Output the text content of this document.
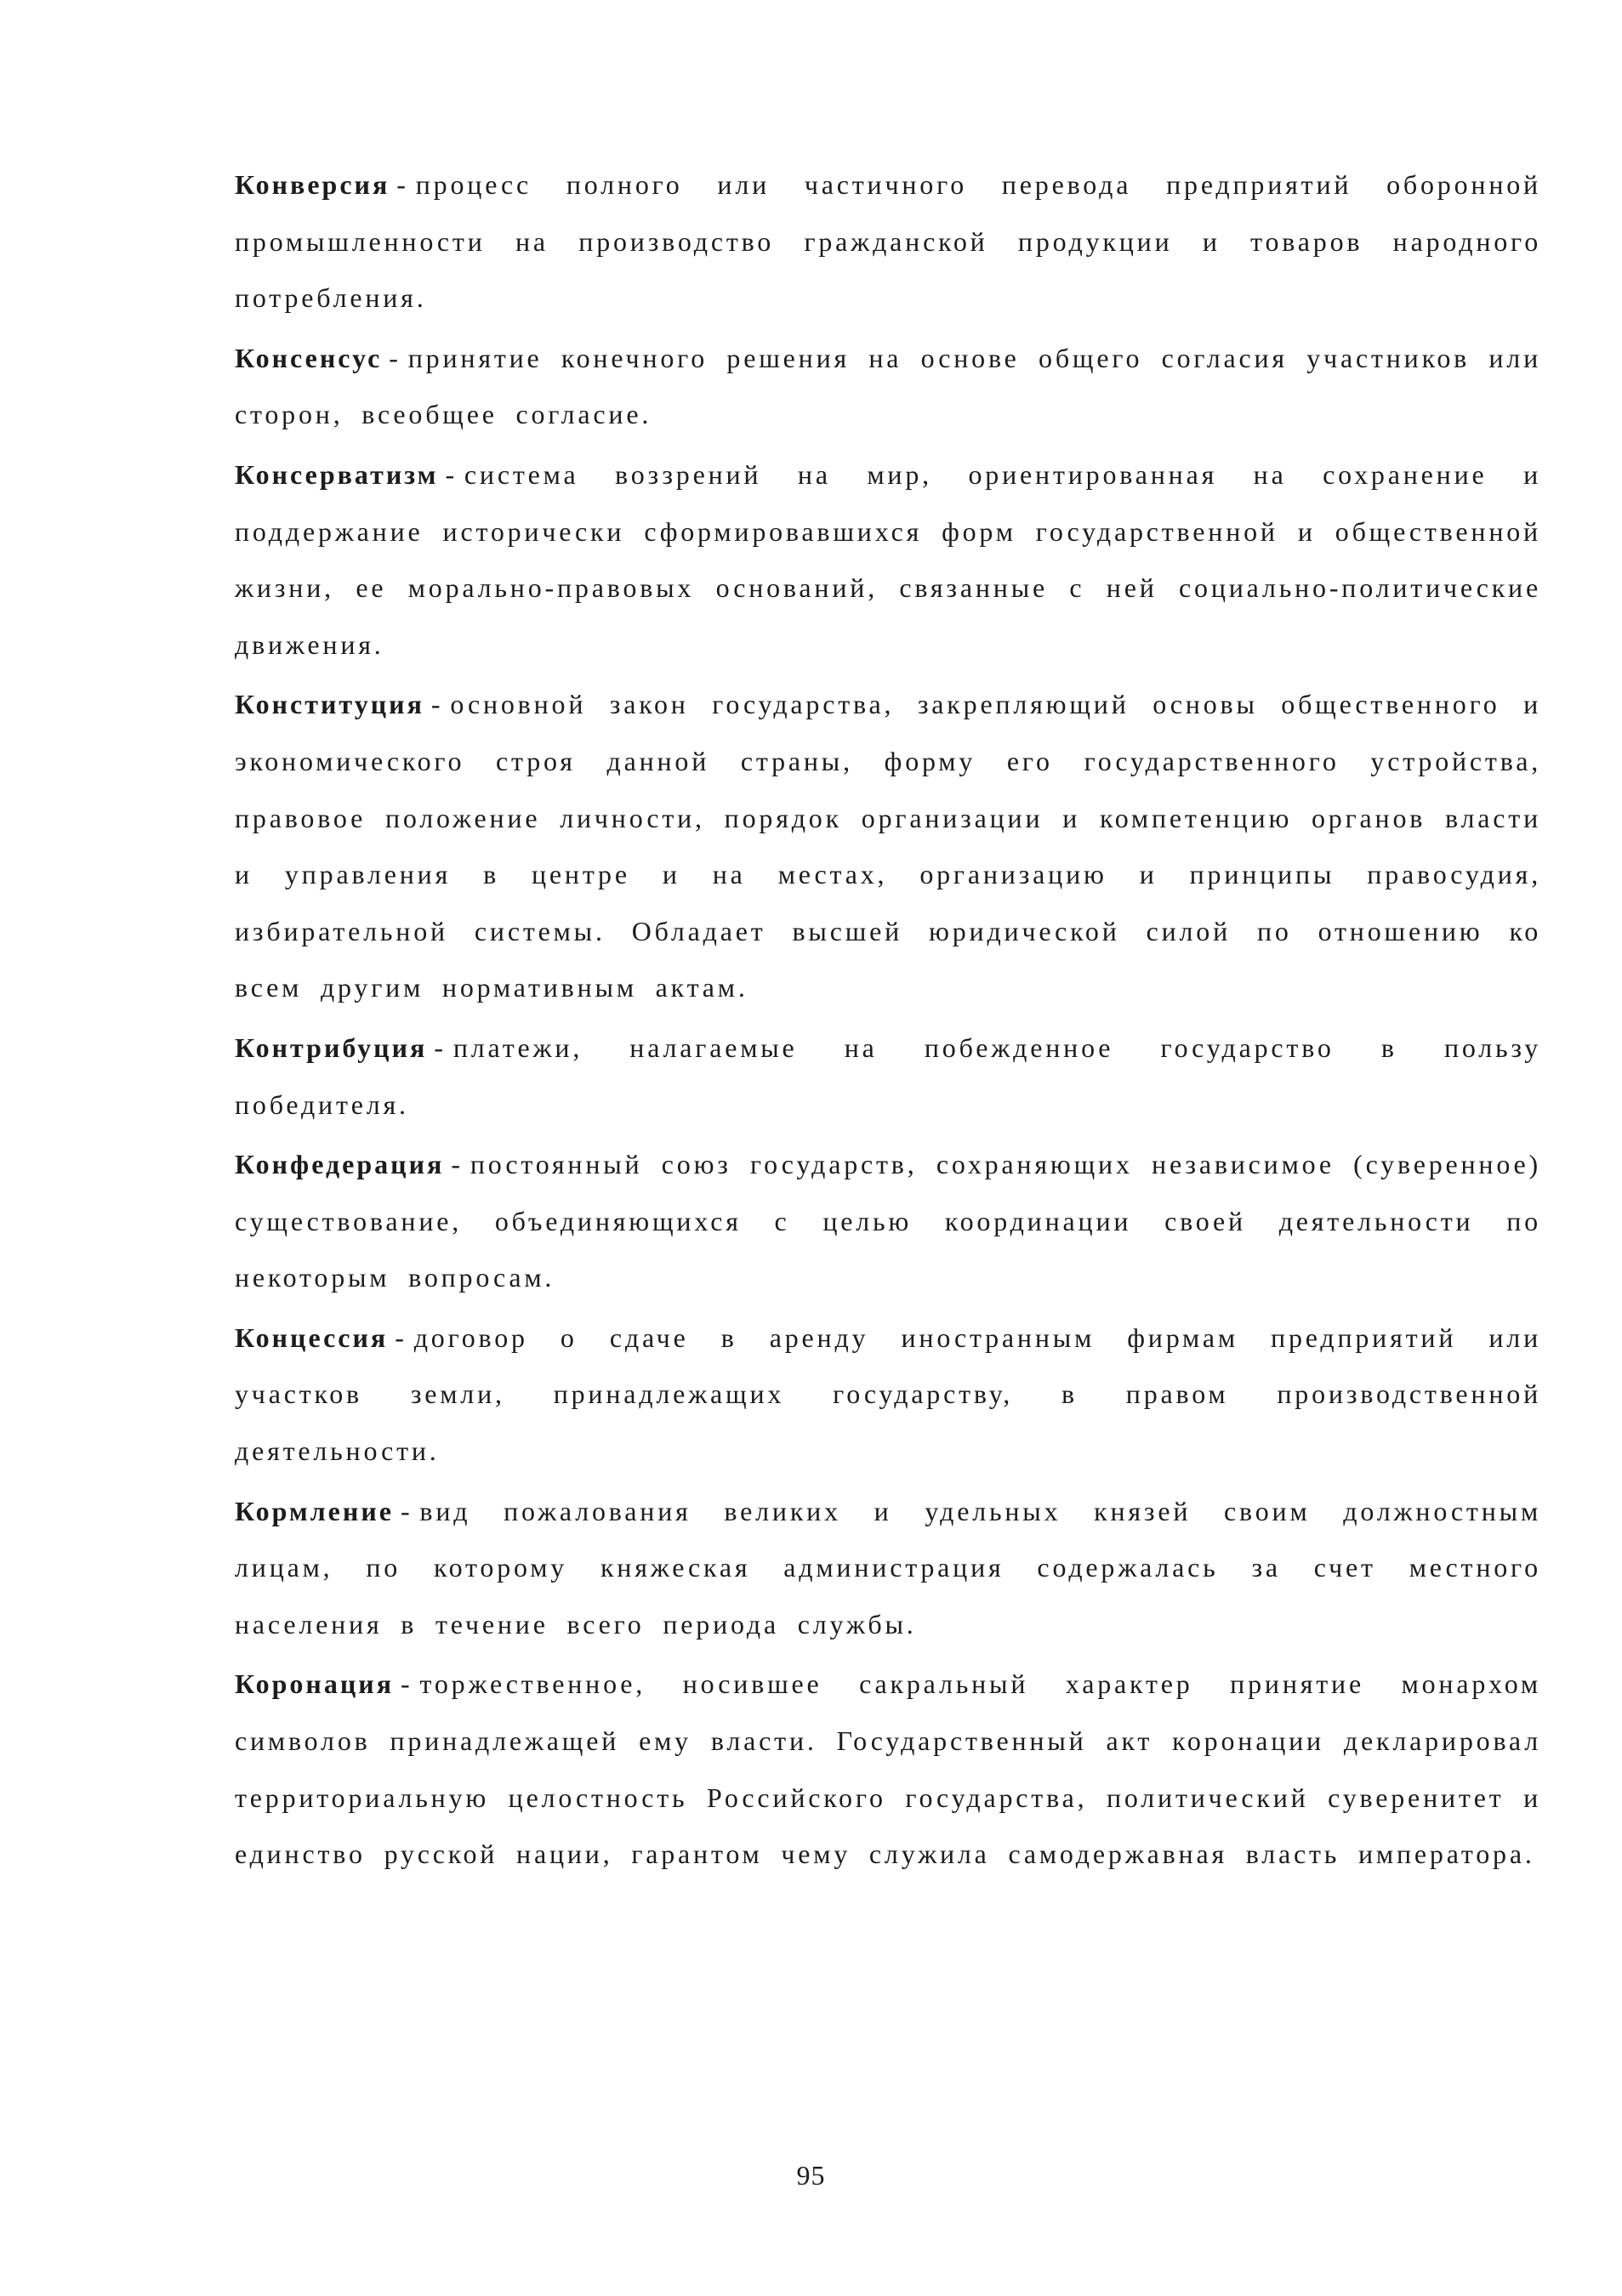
Конверсия - процесс полного или частичного перевода предприятий оборонной промышленности на производство гражданской продукции и товаров народного потребления.

Консенсус - принятие конечного решения на основе общего согласия участников или сторон, всеобщее согласие.

Консерватизм - система воззрений на мир, ориентированная на сохранение и поддержание исторически сформировавшихся форм государственной и общественной жизни, ее морально-правовых оснований, связанные с ней социально-политические движения.

Конституция - основной закон государства, закрепляющий основы общественного и экономического строя данной страны, форму его государственного устройства, правовое положение личности, порядок организации и компетенцию органов власти и управления в центре и на местах, организацию и принципы правосудия, избирательной системы. Обладает высшей юридической силой по отношению ко всем другим нормативным актам.

Контрибуция - платежи, налагаемые на побежденное государство в пользу победителя.

Конфедерация - постоянный союз государств, сохраняющих независимое (суверенное) существование, объединяющихся с целью координации своей деятельности по некоторым вопросам.

Концессия - договор о сдаче в аренду иностранным фирмам предприятий или участков земли, принадлежащих государству, в правом производственной деятельности.

Кормление - вид пожалования великих и удельных князей своим должностным лицам, по которому княжеская администрация содержалась за счет местного населения в течение всего периода службы.

Коронация - торжественное, носившее сакральный характер принятие монархом символов принадлежащей ему власти. Государственный акт коронации декларировал территориальную целостность Российского государства, политический суверенитет и единство русской нации, гарантом чему служила самодержавная власть императора.

95
